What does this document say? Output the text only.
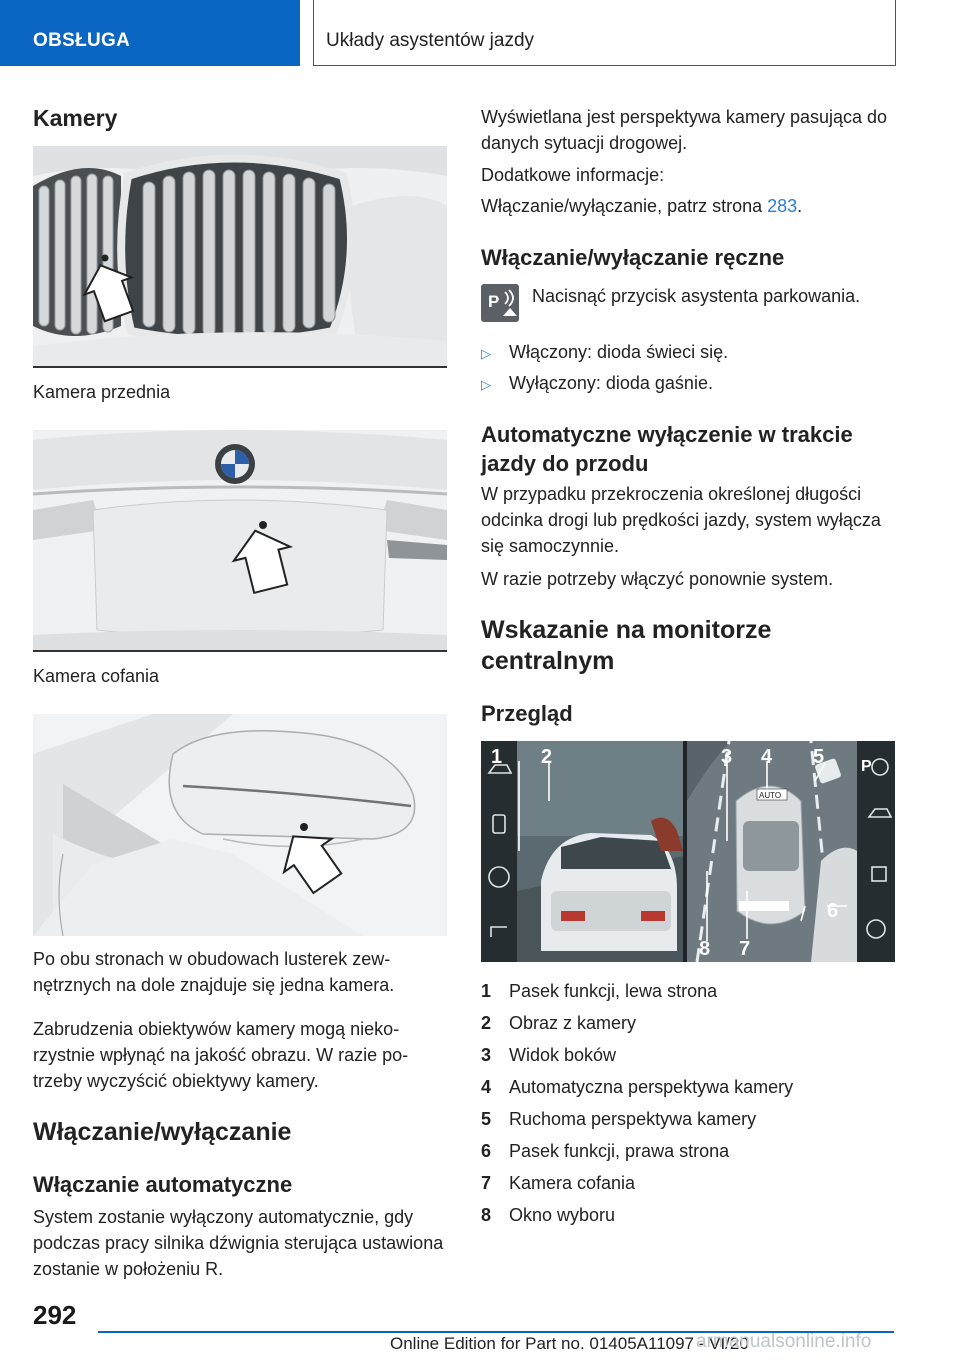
OBSŁUGA	Układy asystentów jazdy
Kamery
Kamera przednia
Kamera cofania
Po obu stronach w obudowach lusterek zewnętrznych na dole znajduje się jedna kamera.
Zabrudzenia obiektywów kamery mogą niekorzystnie wpłynąć na jakość obrazu. W razie potrzeby wyczyścić obiektywy kamery.
Włączanie/wyłączanie
Włączanie automatyczne
System zostanie wyłączony automatycznie, gdy podczas pracy silnika dźwignia sterująca ustawiona zostanie w położeniu R.
Wyświetlana jest perspektywa kamery pasująca do danych sytuacji drogowej.
Dodatkowe informacje:
Włączanie/wyłączanie, patrz strona 283.
Włączanie/wyłączanie ręczne
P Nacisnąć przycisk asystenta parkowania.
▷ Włączony: dioda świeci się.
▷ Wyłączony: dioda gaśnie.
Automatyczne wyłączenie w trakcie jazdy do przodu
W przypadku przekroczenia określonej długości odcinka drogi lub prędkości jazdy, system wyłącza się samoczynnie.
W razie potrzeby włączyć ponownie system.
Wskazanie na monitorze centralnym
Przegląd
P
1 2	3 4 5
6
7
8
AUTO
1 Pasek funkcji, lewa strona
2 Obraz z kamery
3 Widok boków
4 Automatyczna perspektywa kamery
5 Ruchoma perspektywa kamery
6 Pasek funkcji, prawa strona
7 Kamera cofania
8 Okno wyboru
292
Online Edition for Part no. 01405A11097 - VI/20
armanualsonline.info
